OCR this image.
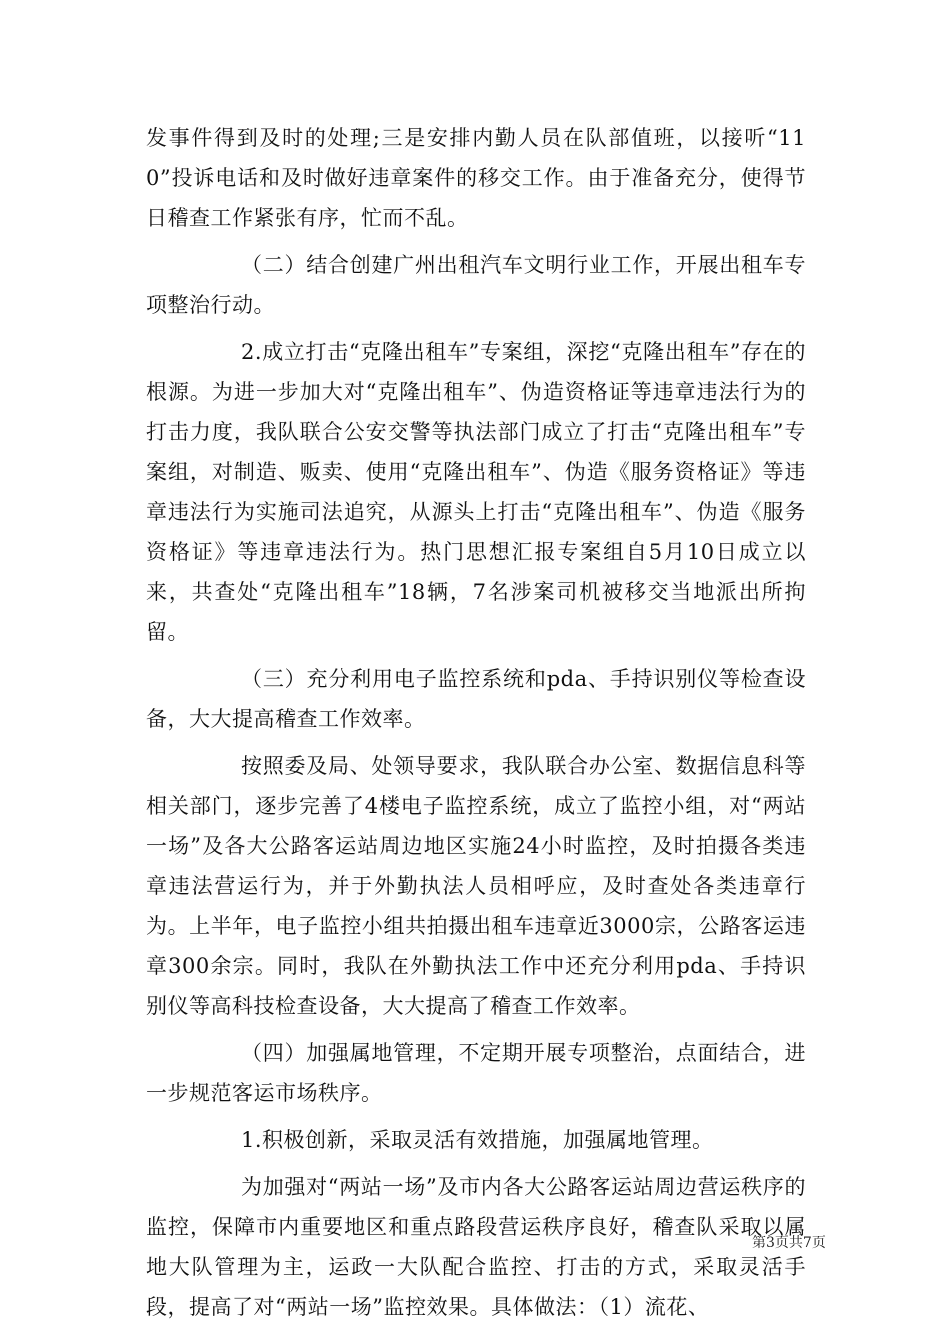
发事件得到及时的处理;三是安排内勤人员在队部值班，以接听“110”投诉电话和及时做好违章案件的移交工作。由于准备充分，使得节日稽查工作紧张有序，忙而不乱。

（二）结合创建广州出租汽车文明行业工作，开展出租车专项整治行动。

2.成立打击“克隆出租车”专案组，深挖“克隆出租车”存在的根源。为进一步加大对“克隆出租车”、伪造资格证等违章违法行为的打击力度，我队联合公安交警等执法部门成立了打击“克隆出租车”专案组，对制造、贩卖、使用“克隆出租车”、伪造《服务资格证》等违章违法行为实施司法追究，从源头上打击“克隆出租车”、伪造《服务资格证》等违章违法行为。热门思想汇报专案组自5月10日成立以来，共查处“克隆出租车”18辆，7名涉案司机被移交当地派出所拘留。

（三）充分利用电子监控系统和pda、手持识别仪等检查设备，大大提高稽查工作效率。

按照委及局、处领导要求，我队联合办公室、数据信息科等相关部门，逐步完善了4楼电子监控系统，成立了监控小组，对“两站一场”及各大公路客运站周边地区实施24小时监控，及时拍摄各类违章违法营运行为，并于外勤执法人员相呼应，及时查处各类违章行为。上半年，电子监控小组共拍摄出租车违章近3000宗，公路客运违章300余宗。同时，我队在外勤执法工作中还充分利用pda、手持识别仪等高科技检查设备，大大提高了稽查工作效率。

（四）加强属地管理，不定期开展专项整治，点面结合，进一步规范客运市场秩序。

1.积极创新，采取灵活有效措施，加强属地管理。

为加强对“两站一场”及市内各大公路客运站周边营运秩序的监控，保障市内重要地区和重点路段营运秩序良好，稽查队采取以属地大队管理为主，运政一大队配合监控、打击的方式，采取灵活手段，提高了对“两站一场”监控效果。具体做法：（1）流花、

第3页共7页
